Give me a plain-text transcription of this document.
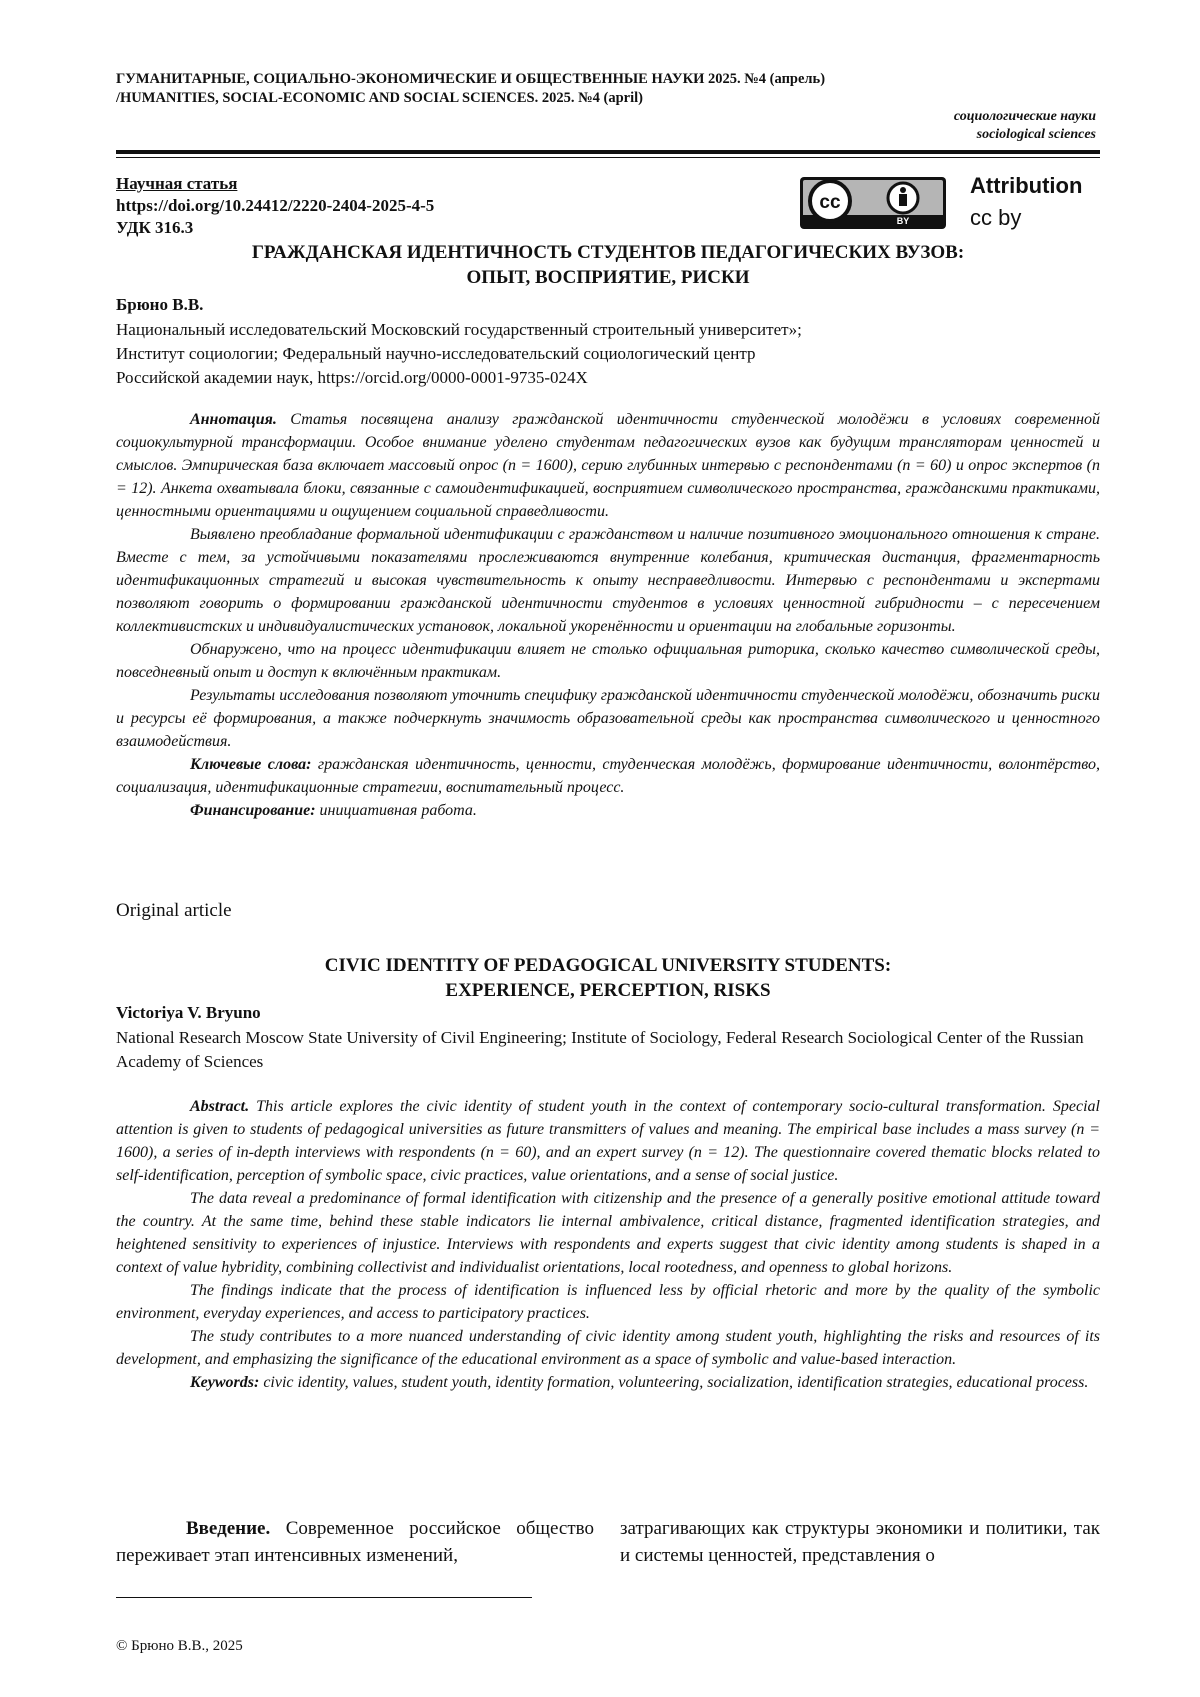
ГУМАНИТАРНЫЕ, СОЦИАЛЬНО-ЭКОНОМИЧЕСКИЕ И ОБЩЕСТВЕННЫЕ НАУКИ 2025. №4 (апрель)
/HUMANITIES, SOCIAL-ECONOMIC AND SOCIAL SCIENCES. 2025. №4 (april)
социологические науки
sociological sciences
Научная статья
https://doi.org/10.24412/2220-2404-2025-4-5
УДК 316.3
cc
BY
Attribution
cc by
ГРАЖДАНСКАЯ ИДЕНТИЧНОСТЬ СТУДЕНТОВ ПЕДАГОГИЧЕСКИХ ВУЗОВ:
ОПЫТ, ВОСПРИЯТИЕ, РИСКИ
Брюно В.В.
Национальный исследовательский Московский государственный строительный университет»;
Институт социологии; Федеральный научно-исследовательский социологический центр
Российской академии наук, https://orcid.org/0000-0001-9735-024X

Аннотация. Статья посвящена анализу гражданской идентичности студенческой молодёжи в условиях современной социокультурной трансформации. Особое внимание уделено студентам педагогических вузов как будущим трансляторам ценностей и смыслов. Эмпирическая база включает массовый опрос (n = 1600), серию глубинных интервью с респондентами (n = 60) и опрос экспертов (n = 12). Анкета охватывала блоки, связанные с самоидентификацией, восприятием символического пространства, гражданскими практиками, ценностными ориентациями и ощущением социальной справедливости.

Выявлено преобладание формальной идентификации с гражданством и наличие позитивного эмоционального отношения к стране. Вместе с тем, за устойчивыми показателями прослеживаются внутренние колебания, критическая дистанция, фрагментарность идентификационных стратегий и высокая чувствительность к опыту несправедливости. Интервью с респондентами и экспертами позволяют говорить о формировании гражданской идентичности студентов в условиях ценностной гибридности – с пересечением коллективистских и индивидуалистических установок, локальной укоренённости и ориентации на глобальные горизонты.

Обнаружено, что на процесс идентификации влияет не столько официальная риторика, сколько качество символической среды, повседневный опыт и доступ к включённым практикам.

Результаты исследования позволяют уточнить специфику гражданской идентичности студенческой молодёжи, обозначить риски и ресурсы её формирования, а также подчеркнуть значимость образовательной среды как пространства символического и ценностного взаимодействия.

Ключевые слова: гражданская идентичность, ценности, студенческая молодёжь, формирование идентичности, волонтёрство, социализация, идентификационные стратегии, воспитательный процесс.

Финансирование: инициативная работа.

Original article
CIVIC IDENTITY OF PEDAGOGICAL UNIVERSITY STUDENTS:
EXPERIENCE, PERCEPTION, RISKS
Victoriya V. Bryuno
National Research Moscow State University of Civil Engineering; Institute of Sociology, Federal Research Sociological Center of the Russian Academy of Sciences

Abstract. This article explores the civic identity of student youth in the context of contemporary socio-cultural transformation. Special attention is given to students of pedagogical universities as future transmitters of values and meaning. The empirical base includes a mass survey (n = 1600), a series of in-depth interviews with respondents (n = 60), and an expert survey (n = 12). The questionnaire covered thematic blocks related to self-identification, perception of symbolic space, civic practices, value orientations, and a sense of social justice.

The data reveal a predominance of formal identification with citizenship and the presence of a generally positive emotional attitude toward the country. At the same time, behind these stable indicators lie internal ambivalence, critical distance, fragmented identification strategies, and heightened sensitivity to experiences of injustice. Interviews with respondents and experts suggest that civic identity among students is shaped in a context of value hybridity, combining collectivist and individualist orientations, local rootedness, and openness to global horizons.

The findings indicate that the process of identification is influenced less by official rhetoric and more by the quality of the symbolic environment, everyday experiences, and access to participatory practices.

The study contributes to a more nuanced understanding of civic identity among student youth, highlighting the risks and resources of its development, and emphasizing the significance of the educational environment as a space of symbolic and value-based interaction.

Keywords: civic identity, values, student youth, identity formation, volunteering, socialization, identification strategies, educational process.

Введение. Современное российское общество переживает этап интенсивных изменений,
затрагивающих как структуры экономики и политики, так и системы ценностей, представления о
© Брюно В.В., 2025
